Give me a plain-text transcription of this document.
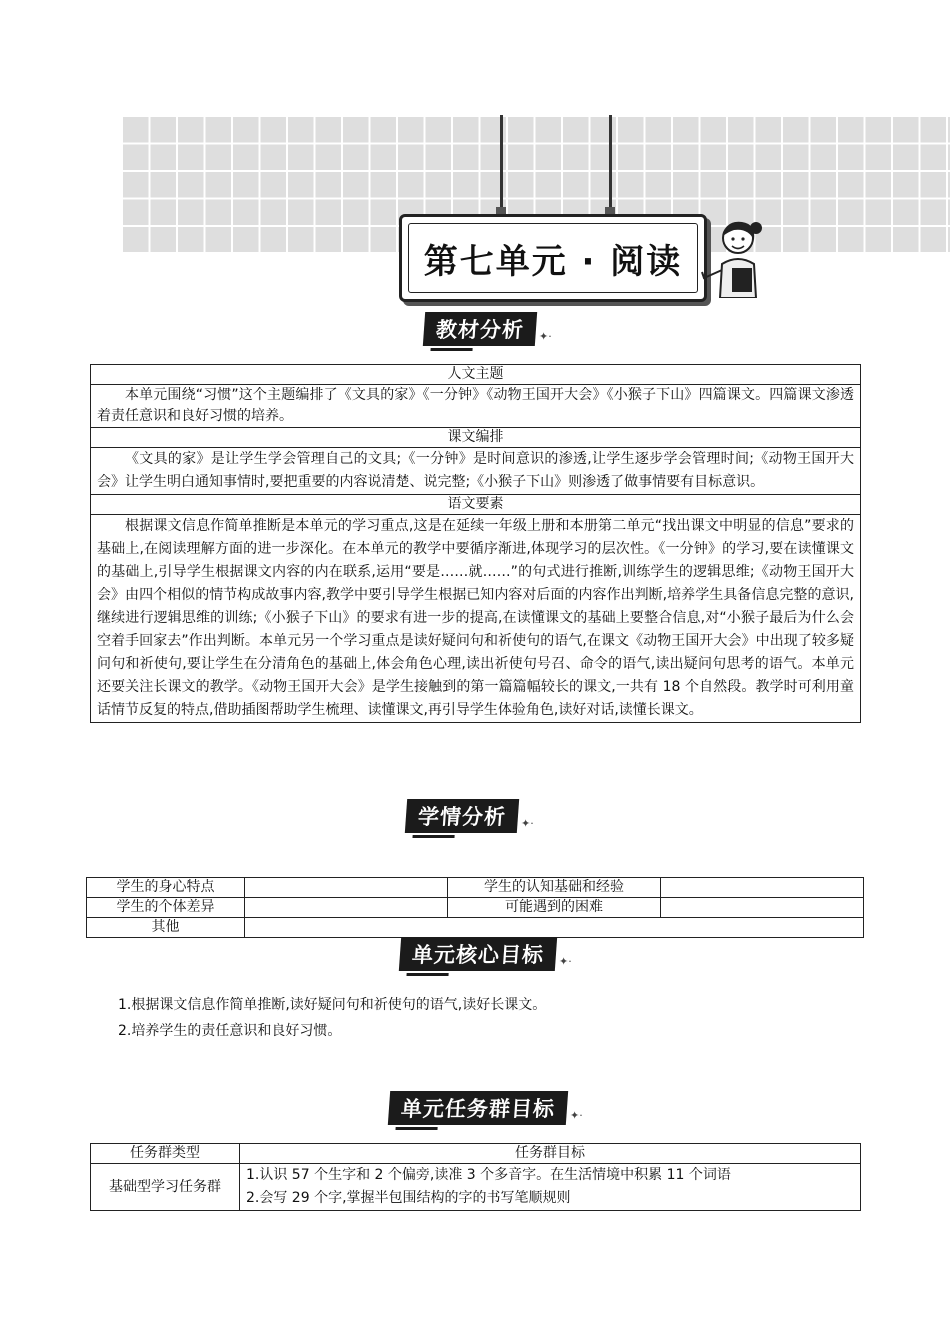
第七单元 · 阅读
教材分析	✦·
人文主题

本单元围绕“习惯”这个主题编排了《文具的家》《一分钟》《动物王国开大会》《小猴子下山》四篇课文。四篇课文渗透着责任意识和良好习惯的培养。

课文编排

《文具的家》是让学生学会管理自己的文具;《一分钟》是时间意识的渗透,让学生逐步学会管理时间;《动物王国开大会》让学生明白通知事情时,要把重要的内容说清楚、说完整;《小猴子下山》则渗透了做事情要有目标意识。

语文要素

根据课文信息作简单推断是本单元的学习重点,这是在延续一年级上册和本册第二单元“找出课文中明显的信息”要求的基础上,在阅读理解方面的进一步深化。在本单元的教学中要循序渐进,体现学习的层次性。《一分钟》的学习,要在读懂课文的基础上,引导学生根据课文内容的内在联系,运用“要是……就……”的句式进行推断,训练学生的逻辑思维;《动物王国开大会》由四个相似的情节构成故事内容,教学中要引导学生根据已知内容对后面的内容作出判断,培养学生具备信息完整的意识,继续进行逻辑思维的训练;《小猴子下山》的要求有进一步的提高,在读懂课文的基础上要整合信息,对“小猴子最后为什么会空着手回家去”作出判断。本单元另一个学习重点是读好疑问句和祈使句的语气,在课文《动物王国开大会》中出现了较多疑问句和祈使句,要让学生在分清角色的基础上,体会角色心理,读出祈使句号召、命令的语气,读出疑问句思考的语气。本单元还要关注长课文的教学。《动物王国开大会》是学生接触到的第一篇篇幅较长的课文,一共有 18 个自然段。教学时可利用童话情节反复的特点,借助插图帮助学生梳理、读懂课文,再引导学生体验角色,读好对话,读懂长课文。

学情分析	✦·
学生的身心特点		学生的认知基础和经验	
学生的个体差异		可能遇到的困难	
其他			
单元核心目标	✦·
1.根据课文信息作简单推断,读好疑问句和祈使句的语气,读好长课文。
2.培养学生的责任意识和良好习惯。
单元任务群目标	✦·
任务群类型	任务群目标
基础型学习任务群	1.认识 57 个生字和 2 个偏旁,读准 3 个多音字。在生活情境中积累 11 个词语
2.会写 29 个字,掌握半包围结构的字的书写笔顺规则
